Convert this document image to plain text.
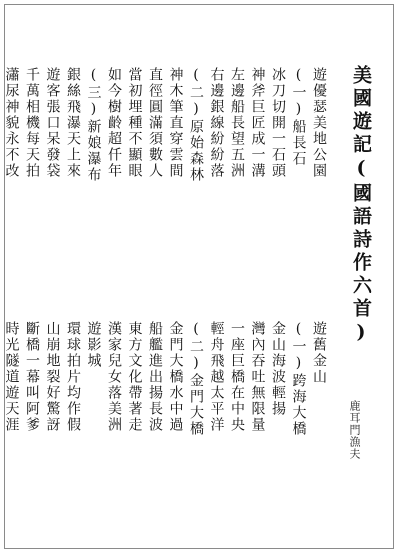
美國遊記(國語詩作六首)
鹿耳門漁夫
遊優瑟美地公園
(一)船長石
冰刀切開一石頭
神斧巨匠成一溝
左邊船長望五洲
右邊銀線紛紛落
(二)原始森林
神木筆直穿雲間
直徑圓滿須數人
當初埋種不顯眼
如今樹齡超仟年
(三)新娘瀑布
銀絲飛瀑天上來
遊客張口呆發袋
千萬相機每天拍
瀟尿神貌永不改
遊舊金山
(一)跨海大橋
金山海波輕揚
灣內吞吐無限量
一座巨橋在中央
輕舟飛越太平洋
(二)金門大橋
金門大橋水中過
船艦進出揚長波
東方文化帶著走
漢家兒女落美洲
遊影城
環球拍片均作假
山崩地裂好驚訝
斷橋一幕叫阿爹
時光隧道遊天涯
